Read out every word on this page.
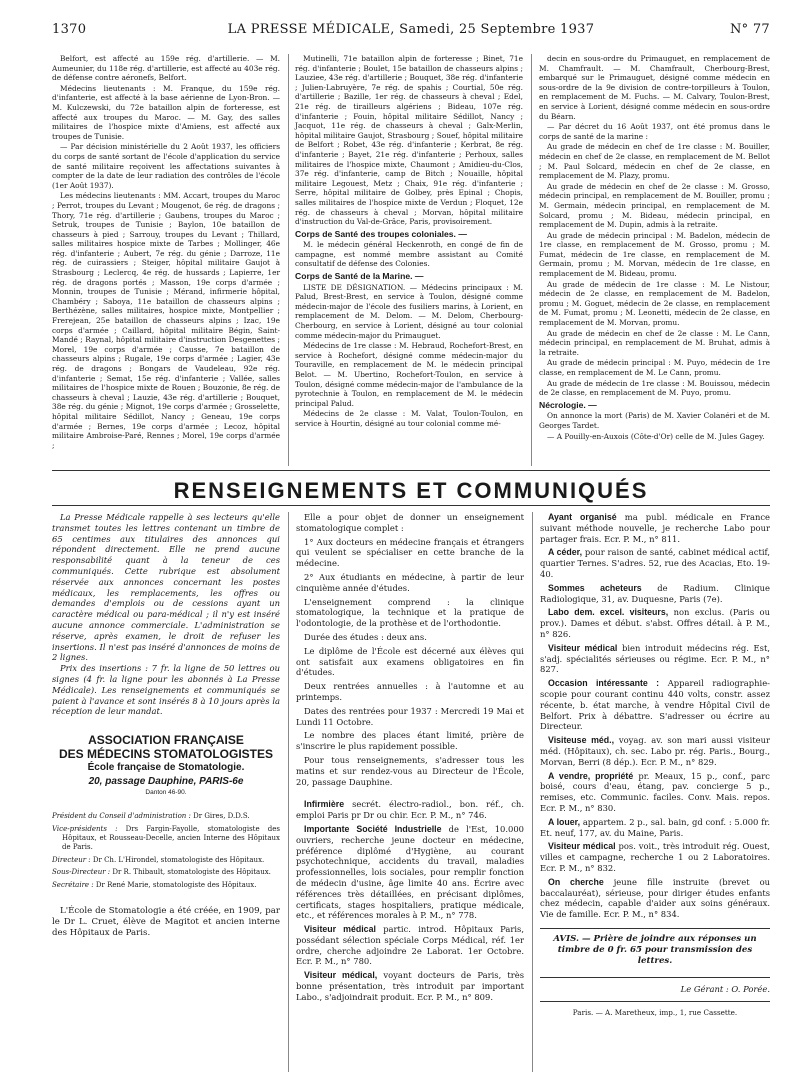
1370	LA PRESSE MÉDICALE, Samedi, 25 Septembre 1937	N° 77

Belfort, est affecté au 159e rég. d'artillerie. — M. Aumeunier, du 118e rég. d'artillerie, est affecté au 403e rég. de défense contre aéronefs, Belfort.

Médecins lieutenants : M. Franque, du 159e rég. d'infanterie, est affecté à la base aérienne de Lyon-Bron. — M. Kulczewski, du 72e bataillon alpin de forteresse, est affecté aux troupes du Maroc. — M. Gay, des salles militaires de l'hospice mixte d'Amiens, est affecté aux troupes de Tunisie.

— Par décision ministérielle du 2 Août 1937, les officiers du corps de santé sortant de l'école d'application du service de santé militaire reçoivent les affectations suivantes à compter de la date de leur radiation des contrôles de l'école (1er Août 1937).

Les médecins lieutenants : MM. Accart, troupes du Maroc ; Perrot, troupes du Levant ; Mougenot, 6e rég. de dragons ; Thory, 71e rég. d'artillerie ; Gaubens, troupes du Maroc ; Setruk, troupes de Tunisie ; Baylon, 10e bataillon de chasseurs à pied ; Sarrouy, troupes du Levant ; Thillard, salles militaires hospice mixte de Tarbes ; Mollinger, 46e rég. d'infanterie ; Aubert, 7e rég. du génie ; Darroze, 11e rég. de cuirassiers ; Steiger, hôpital militaire Gaujot à Strasbourg ; Leclercq, 4e rég. de hussards ; Lapierre, 1er rég. de dragons portés ; Masson, 19e corps d'armée ; Monnin, troupes de Tunisie ; Mérand, infirmerie hôpital, Chambéry ; Saboya, 11e bataillon de chasseurs alpins ; Berthézène, salles militaires, hospice mixte, Montpellier ; Frerejean, 25e bataillon de chasseurs alpins ; Izac, 19e corps d'armée ; Caillard, hôpital militaire Bégin, Saint-Mandé ; Raynal, hôpital militaire d'instruction Desgenettes ; Morel, 19e corps d'armée ; Causse, 7e bataillon de chasseurs alpins ; Rugale, 19e corps d'armée ; Lagier, 43e rég. de dragons ; Bongars de Vaudeleau, 92e rég. d'infanterie ; Semat, 15e rég. d'infanterie ; Vallée, salles militaires de l'hospice mixte de Rouen ; Bouzonie, 8e rég. de chasseurs à cheval ; Lauzie, 43e rég. d'artillerie ; Bouquet, 38e rég. du génie ; Mignot, 19e corps d'armée ; Grosselette, hôpital militaire Sédillot, Nancy ; Geneau, 19e corps d'armée ; Bernes, 19e corps d'armée ; Lecoz, hôpital militaire Ambroise-Paré, Rennes ; Morel, 19e corps d'armée ;

Mutinelli, 71e bataillon alpin de forteresse ; Binet, 71e rég. d'infanterie ; Boulet, 15e bataillon de chasseurs alpins ; Lauziee, 43e rég. d'artillerie ; Bouquet, 38e rég. d'infanterie ; Julien-Labruyère, 7e rég. de spahis ; Courtial, 50e rég. d'artillerie ; Bazille, 1er rég. de chasseurs à cheval ; Edel, 21e rég. de tirailleurs algériens ; Bideau, 107e rég. d'infanterie ; Fouin, hôpital militaire Sédillot, Nancy ; Jacquot, 11e rég. de chasseurs à cheval ; Galx-Merlin, hôpital militaire Gaujot, Strasbourg ; Souef, hôpital militaire de Belfort ; Robet, 43e rég. d'infanterie ; Kerbrat, 8e rég. d'infanterie ; Bayet, 21e rég. d'infanterie ; Perhoux, salles militaires de l'hospice mixte, Chaumont ; Amidieu-du-Clos, 37e rég. d'infanterie, camp de Bitch ; Nouaille, hôpital militaire Legouest, Metz ; Chaix, 91e rég. d'infanterie ; Serre, hôpital militaire de Golbey, près Epinal ; Chopis, salles militaires de l'hospice mixte de Verdun ; Floquet, 12e rég. de chasseurs à cheval ; Morvan, hôpital militaire d'instruction du Val-de-Grâce, Paris, provisoirement.

Corps de Santé des troupes coloniales. —

M. le médecin général Heckenroth, en congé de fin de campagne, est nommé membre assistant au Comité consultatif de défense des Colonies.

Corps de Santé de la Marine. —

LISTE DE DÉSIGNATION. — Médecins principaux : M. Palud, Brest-Brest, en service à Toulon, désigné comme médecin-major de l'école des fusiliers marins, à Lorient, en remplacement de M. Delom. — M. Delom, Cherbourg-Cherbourg, en service à Lorient, désigné au tour colonial comme médecin-major du Primauguet.

Médecins de 1re classe : M. Hebraud, Rochefort-Brest, en service à Rochefort, désigné comme médecin-major du Touraville, en remplacement de M. le médecin principal Belot. — M. Ubertino, Rochefort-Toulon, en service à Toulon, désigné comme médecin-major de l'ambulance de la pyrotechnie à Toulon, en remplacement de M. le médecin principal Palud.

Médecins de 2e classe : M. Valat, Toulon-Toulon, en service à Hourtin, désigné au tour colonial comme mé-

decin en sous-ordre du Primauguet, en remplacement de M. Chamfrault. — M. Chamfrault, Cherbourg-Brest, embarqué sur le Primauguet, désigné comme médecin en sous-ordre de la 9e division de contre-torpilleurs à Toulon, en remplacement de M. Fuchs. — M. Calvary, Toulon-Brest, en service à Lorient, désigné comme médecin en sous-ordre du Béarn.

— Par décret du 16 Août 1937, ont été promus dans le corps de santé de la marine :

Au grade de médecin en chef de 1re classe : M. Bouiller, médecin en chef de 2e classe, en remplacement de M. Bellot ; M. Paul Solcard, médecin en chef de 2e classe, en remplacement de M. Plazy, promu.

Au grade de médecin en chef de 2e classe : M. Grosso, médecin principal, en remplacement de M. Bouiller, promu ; M. Germain, médecin principal, en remplacement de M. Solcard, promu ; M. Bideau, médecin principal, en remplacement de M. Dupin, admis à la retraite.

Au grade de médecin principal : M. Badelon, médecin de 1re classe, en remplacement de M. Grosso, promu ; M. Fumat, médecin de 1re classe, en remplacement de M. Germain, promu ; M. Morvan, médecin de 1re classe, en remplacement de M. Bideau, promu.

Au grade de médecin de 1re classe : M. Le Nistour, médecin de 2e classe, en remplacement de M. Badelon, promu ; M. Goguet, médecin de 2e classe, en remplacement de M. Fumat, promu ; M. Leonetti, médecin de 2e classe, en remplacement de M. Morvan, promu.

Au grade de médecin en chef de 2e classe : M. Le Cann, médecin principal, en remplacement de M. Bruhat, admis à la retraite.

Au grade de médecin principal : M. Puyo, médecin de 1re classe, en remplacement de M. Le Cann, promu.

Au grade de médecin de 1re classe : M. Bouissou, médecin de 2e classe, en remplacement de M. Puyo, promu.

Nécrologie. —

On annonce la mort (Paris) de M. Xavier Colanéri et de M. Georges Tardet.

— A Pouilly-en-Auxois (Côte-d'Or) celle de M. Jules Gagey.

RENSEIGNEMENTS ET COMMUNIQUÉS

La Presse Médicale rappelle à ses lecteurs qu'elle transmet toutes les lettres contenant un timbre de 65 centimes aux titulaires des annonces qui répondent directement. Elle ne prend aucune responsabilité quant à la teneur de ces communiqués. Cette rubrique est absolument réservée aux annonces concernant les postes médicaux, les remplacements, les offres ou demandes d'emplois ou de cessions ayant un caractère médical ou para-médical ; il n'y est inséré aucune annonce commerciale. L'administration se réserve, après examen, le droit de refuser les insertions. Il n'est pas inséré d'annonces de moins de 2 lignes.

Prix des insertions : 7 fr. la ligne de 50 lettres ou signes (4 fr. la ligne pour les abonnés à La Presse Médicale). Les renseignements et communiqués se paient à l'avance et sont insérés 8 à 10 jours après la réception de leur mandat.

ASSOCIATION FRANÇAISE
DES MÉDECINS STOMATOLOGISTES
École française de Stomatologie.
20, passage Dauphine, PARIS-6e
Danton 46-90.

Président du Conseil d'administration : Dr Gires, D.D.S.

Vice-présidents : Drs Fargin-Fayolle, stomatologiste des Hôpitaux, et Rousseau-Decelle, ancien Interne des Hôpitaux de Paris.

Directeur : Dr Ch. L'Hirondel, stomatologiste des Hôpitaux.

Sous-Directeur : Dr R. Thibault, stomatologiste des Hôpitaux.

Secrétaire : Dr René Marie, stomatologiste des Hôpitaux.

L'École de Stomatologie a été créée, en 1909, par le Dr L. Cruet, élève de Magitot et ancien interne des Hôpitaux de Paris.

Elle a pour objet de donner un enseignement stomatologique complet :

1° Aux docteurs en médecine français et étrangers qui veulent se spécialiser en cette branche de la médecine.

2° Aux étudiants en médecine, à partir de leur cinquième année d'études.

L'enseignement comprend : la clinique stomatologique, la technique et la pratique de l'odontologie, de la prothèse et de l'orthodontie.

Durée des études : deux ans.

Le diplôme de l'École est décerné aux élèves qui ont satisfait aux examens obligatoires en fin d'études.

Deux rentrées annuelles : à l'automne et au printemps.

Dates des rentrées pour 1937 : Mercredi 19 Mai et Lundi 11 Octobre.

Le nombre des places étant limité, prière de s'inscrire le plus rapidement possible.

Pour tous renseignements, s'adresser tous les matins et sur rendez-vous au Directeur de l'École, 20, passage Dauphine.

Infirmière secrét. électro-radiol., bon. réf., ch. emploi Paris pr Dr ou chir. Ecr. P. M., n° 746.

Importante Société Industrielle de l'Est, 10.000 ouvriers, recherche jeune docteur en médecine, préférence diplômé d'Hygiène, au courant psychotechnique, accidents du travail, maladies professionnelles, lois sociales, pour remplir fonction de médecin d'usine, âge limite 40 ans. Écrire avec références très détaillées, en précisant diplômes, certificats, stages hospitaliers, pratique médicale, etc., et références morales à P. M., n° 778.

Visiteur médical partic. introd. Hôpitaux Paris, possédant sélection spéciale Corps Médical, réf. 1er ordre, cherche adjoindre 2e Laborat. 1er Octobre. Ecr. P. M., n° 780.

Visiteur médical, voyant docteurs de Paris, très bonne présentation, très introduit par important Labo., s'adjoindrait produit. Ecr. P. M., n° 809.

Ayant organisé ma publ. médicale en France suivant méthode nouvelle, je recherche Labo pour partager frais. Ecr. P. M., n° 811.

A céder, pour raison de santé, cabinet médical actif, quartier Ternes. S'adres. 52, rue des Acacias, Eto. 19-40.

Sommes acheteurs de Radium. Clinique Radiologique, 31, av. Duquesne, Paris (7e).

Labo dem. excel. visiteurs, non exclus. (Paris ou prov.). Dames et début. s'abst. Offres détail. à P. M., n° 826.

Visiteur médical bien introduit médecins rég. Est, s'adj. spécialités sérieuses ou régime. Ecr. P. M., n° 827.

Occasion intéressante : Appareil radiographie-scopie pour courant continu 440 volts, constr. assez récente, b. état marche, à vendre Hôpital Civil de Belfort. Prix à débattre. S'adresser ou écrire au Directeur.

Visiteuse méd., voyag. av. son mari aussi visiteur méd. (Hôpitaux), ch. sec. Labo pr. rég. Paris., Bourg., Morvan, Berri (8 dép.). Ecr. P. M., n° 829.

A vendre, propriété pr. Meaux, 15 p., conf., parc boisé, cours d'eau, étang, pav. concierge 5 p., remises, etc. Communic. faciles. Conv. Mais. repos. Ecr. P. M., n° 830.

A louer, appartem. 2 p., sal. bain, gd conf. : 5.000 fr. Et. neuf, 177, av. du Maine, Paris.

Visiteur médical pos. voit., très introduit rég. Ouest, villes et campagne, recherche 1 ou 2 Laboratoires. Ecr. P. M., n° 832.

On cherche jeune fille instruite (brevet ou baccalauréat), sérieuse, pour diriger études enfants chez médecin, capable d'aider aux soins généraux. Vie de famille. Ecr. P. M., n° 834.

AVIS. — Prière de joindre aux réponses un timbre de 0 fr. 65 pour transmission des lettres.
Le Gérant : O. Porée.
Paris. — A. Maretheux, imp., 1, rue Cassette.
